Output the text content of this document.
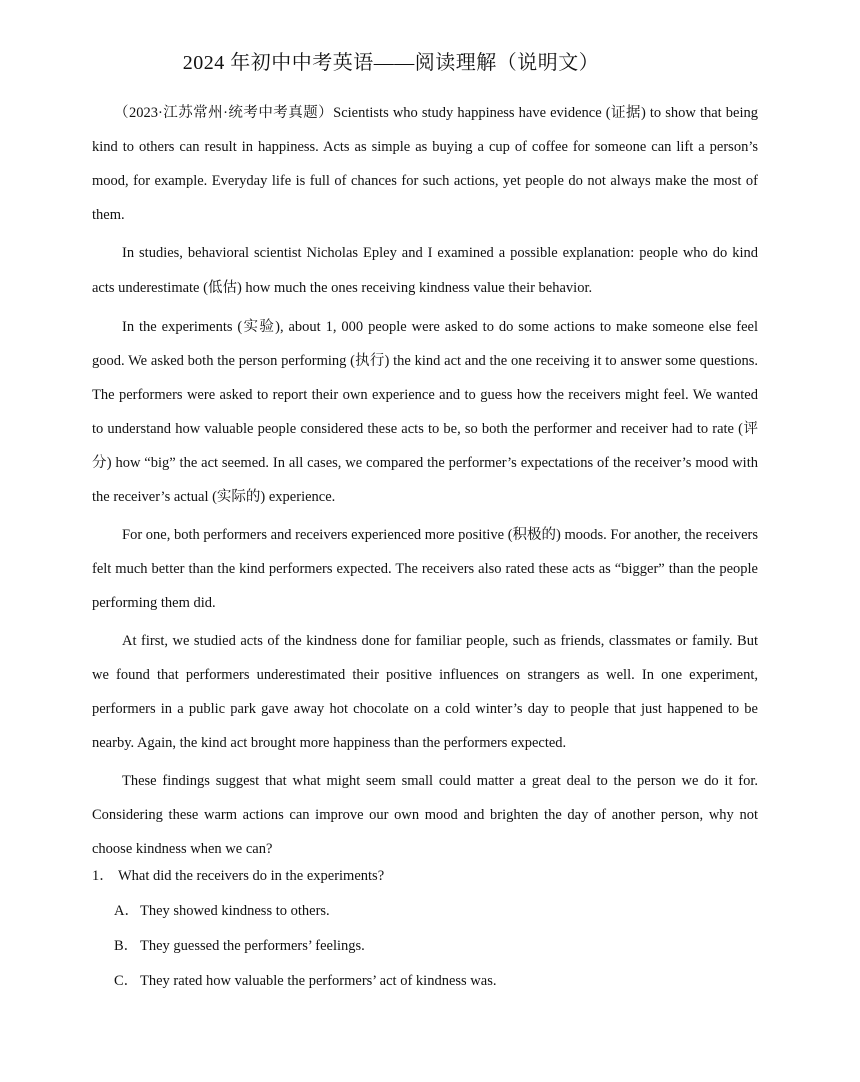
2024 年初中中考英语——阅读理解（说明文）

（2023·江苏常州·统考中考真题）Scientists who study happiness have evidence (证据) to show that being kind to others can result in happiness. Acts as simple as buying a cup of coffee for someone can lift a person’s mood, for example. Everyday life is full of chances for such actions, yet people do not always make the most of them.

In studies, behavioral scientist Nicholas Epley and I examined a possible explanation: people who do kind acts underestimate (低估) how much the ones receiving kindness value their behavior.

In the experiments (实验), about 1, 000 people were asked to do some actions to make someone else feel good. We asked both the person performing (执行) the kind act and the one receiving it to answer some questions. The performers were asked to report their own experience and to guess how the receivers might feel. We wanted to understand how valuable people considered these acts to be, so both the performer and receiver had to rate (评分) how “big” the act seemed. In all cases, we compared the performer’s expectations of the receiver’s mood with the receiver’s actual (实际的) experience.

For one, both performers and receivers experienced more positive (积极的) moods. For another, the receivers felt much better than the kind performers expected. The receivers also rated these acts as “bigger” than the people performing them did.

At first, we studied acts of the kindness done for familiar people, such as friends, classmates or family. But we found that performers underestimated their positive influences on strangers as well. In one experiment, performers in a public park gave away hot chocolate on a cold winter’s day to people that just happened to be nearby. Again, the kind act brought more happiness than the performers expected.

These findings suggest that what might seem small could matter a great deal to the person we do it for. Considering these warm actions can improve our own mood and brighten the day of another person, why not choose kindness when we can?

1． What did the receivers do in the experiments?
A．They showed kindness to others.
B． They guessed the performers’ feelings.
C． They rated how valuable the performers’ act of kindness was.
